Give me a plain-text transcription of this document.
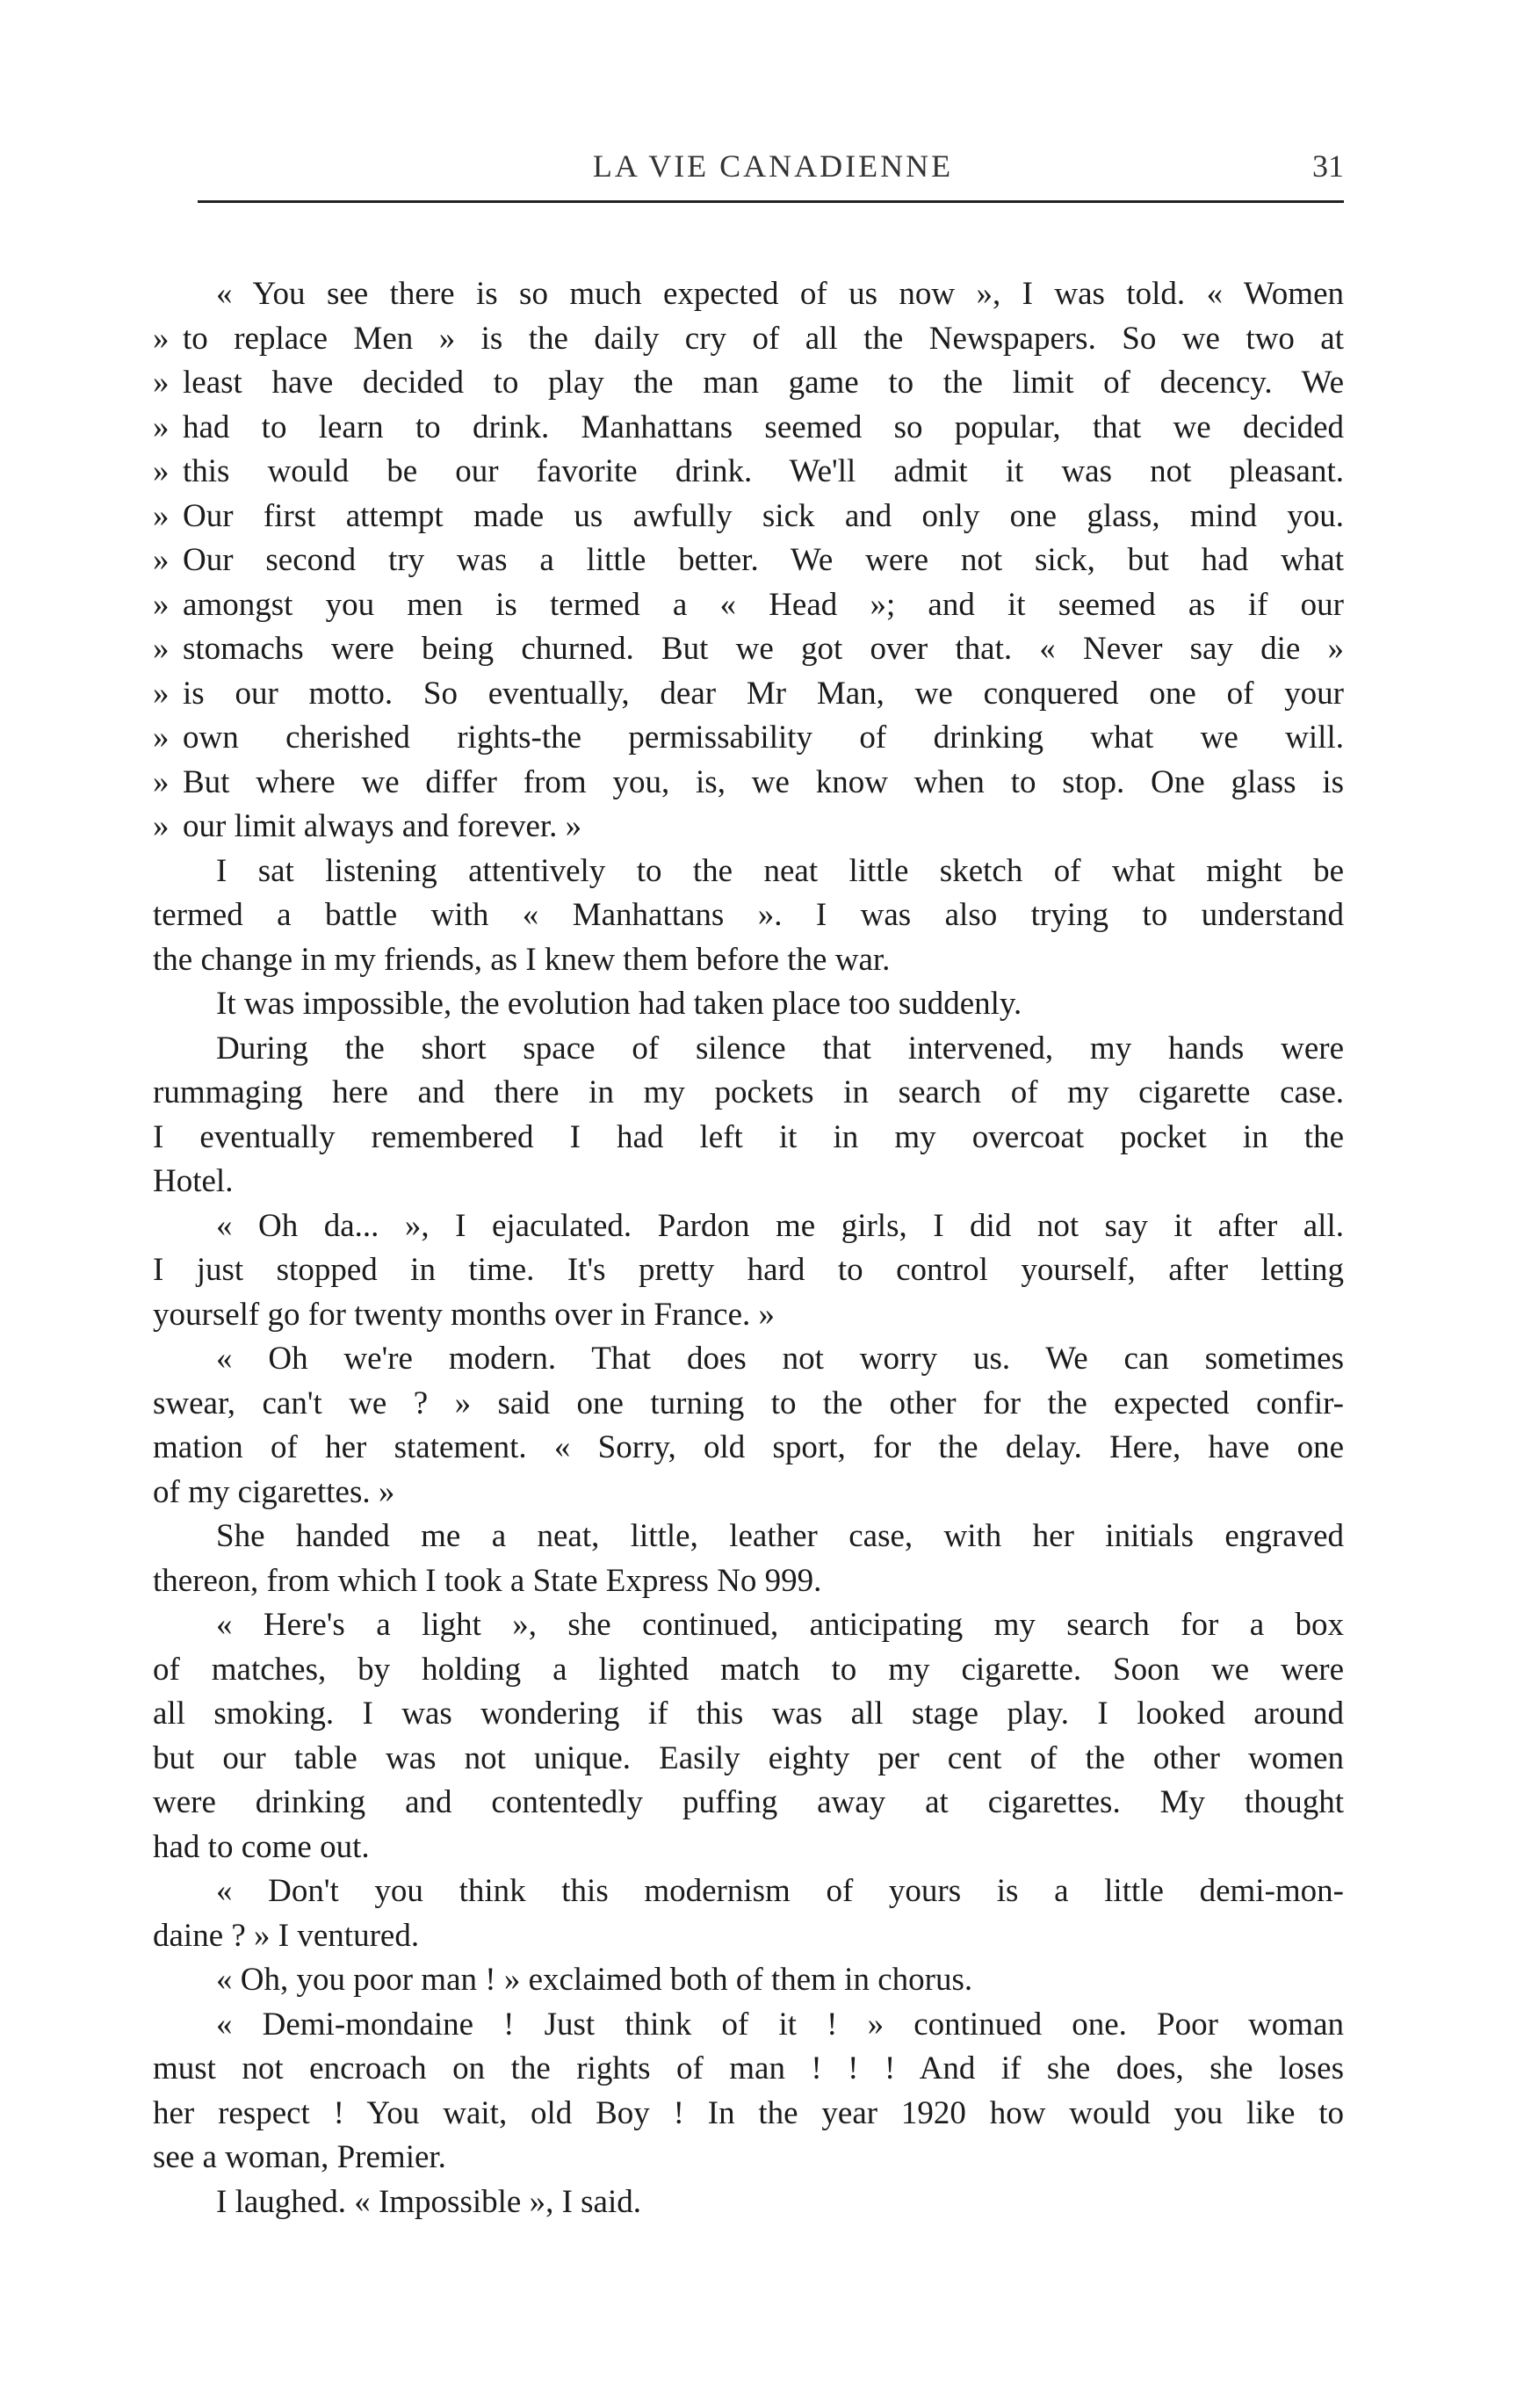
LA VIE CANADIENNE	31
« You see there is so much expected of us now », I was told. « Women
» to replace Men » is the daily cry of all the Newspapers. So we two at
» least have decided to play the man game to the limit of decency. We
» had to learn to drink. Manhattans seemed so popular, that we decided
» this would be our favorite drink. We'll admit it was not pleasant.
» Our first attempt made us awfully sick and only one glass, mind you.
» Our second try was a little better. We were not sick, but had what
» amongst you men is termed a « Head »; and it seemed as if our
» stomachs were being churned. But we got over that. « Never say die »
» is our motto. So eventually, dear Mr Man, we conquered one of your
» own cherished rights-the permissability of drinking what we will.
» But where we differ from you, is, we know when to stop. One glass is
» our limit always and forever. »
I sat listening attentively to the neat little sketch of what might be
termed a battle with « Manhattans ». I was also trying to understand
the change in my friends, as I knew them before the war.
It was impossible, the evolution had taken place too suddenly.
During the short space of silence that intervened, my hands were
rummaging here and there in my pockets in search of my cigarette case.
I eventually remembered I had left it in my overcoat pocket in the
Hotel.
« Oh da... », I ejaculated. Pardon me girls, I did not say it after all.
I just stopped in time. It's pretty hard to control yourself, after letting
yourself go for twenty months over in France. »
« Oh we're modern. That does not worry us. We can sometimes
swear, can't we ? » said one turning to the other for the expected confir-
mation of her statement. « Sorry, old sport, for the delay. Here, have one
of my cigarettes. »
She handed me a neat, little, leather case, with her initials engraved
thereon, from which I took a State Express No 999.
« Here's a light », she continued, anticipating my search for a box
of matches, by holding a lighted match to my cigarette. Soon we were
all smoking. I was wondering if this was all stage play. I looked around
but our table was not unique. Easily eighty per cent of the other women
were drinking and contentedly puffing away at cigarettes. My thought
had to come out.
« Don't you think this modernism of yours is a little demi-mon-
daine ? » I ventured.
« Oh, you poor man ! » exclaimed both of them in chorus.
« Demi-mondaine ! Just think of it ! » continued one. Poor woman
must not encroach on the rights of man ! ! ! And if she does, she loses
her respect ! You wait, old Boy ! In the year 1920 how would you like to
see a woman, Premier.
I laughed. « Impossible », I said.
